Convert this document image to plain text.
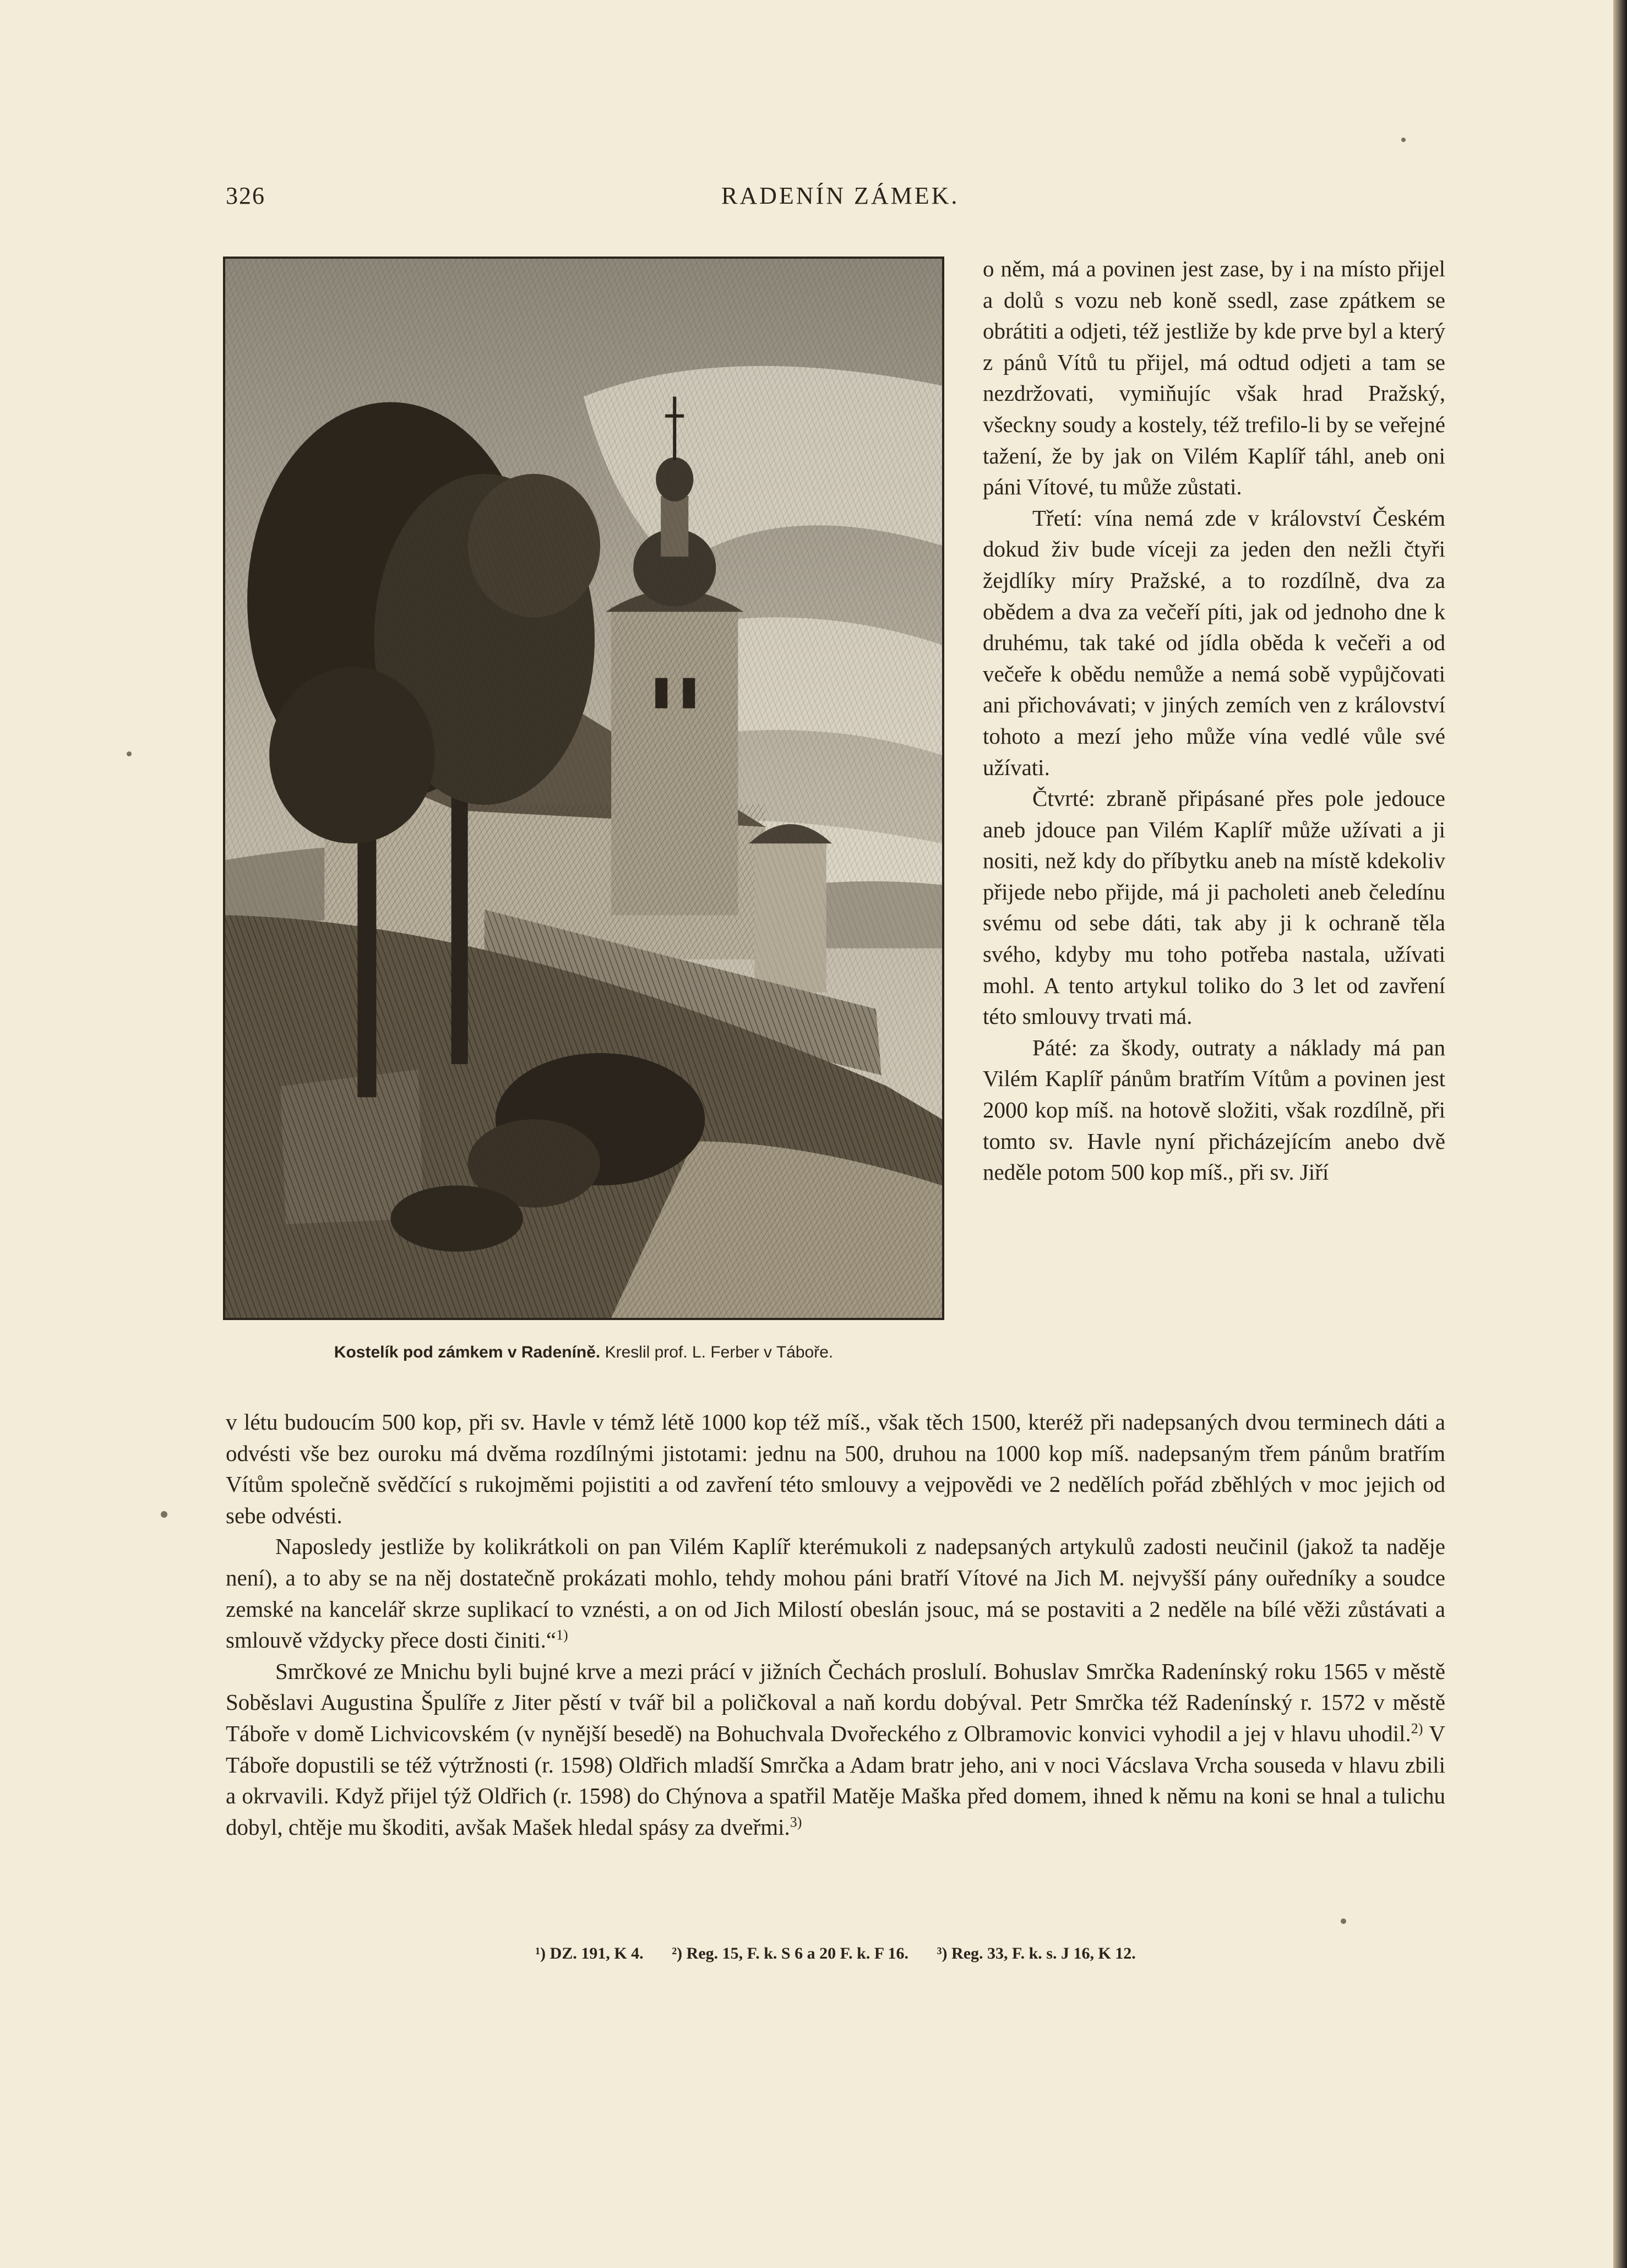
326	RADENÍN ZÁMEK.
Kostelík pod zámkem v Radeníně. Kreslil prof. L. Ferber v Táboře.

o něm, má a povinen jest zase, by i na místo přijel a dolů s vozu neb koně ssedl, zase zpátkem se obrátiti a odjeti, též jestliže by kde prve byl a který z pánů Vítů tu přijel, má odtud odjeti a tam se nezdržovati, vymiňujíc však hrad Pražský, všeckny soudy a kostely, též trefilo-li by se veřejné tažení, že by jak on Vilém Kaplíř táhl, aneb oni páni Vítové, tu může zůstati.

Třetí: vína nemá zde v království Českém dokud živ bude víceji za jeden den nežli čtyři žejdlíky míry Pražské, a to rozdílně, dva za obědem a dva za večeří píti, jak od jednoho dne k druhému, tak také od jídla oběda k večeři a od večeře k obědu nemůže a nemá sobě vypůjčovati ani přichovávati; v jiných zemích ven z království tohoto a mezí jeho může vína vedlé vůle své užívati.

Čtvrté: zbraně připásané přes pole jedouce aneb jdouce pan Vilém Kaplíř může užívati a ji nositi, než kdy do příbytku aneb na místě kdekoliv přijede nebo přijde, má ji pacholeti aneb čeledínu svému od sebe dáti, tak aby ji k ochraně těla svého, kdyby mu toho potřeba nastala, užívati mohl. A tento artykul toliko do 3 let od zavření této smlouvy trvati má.

Páté: za škody, outraty a náklady má pan Vilém Kaplíř pánům bratřím Vítům a povinen jest 2000 kop míš. na hotově složiti, však rozdílně, při tomto sv. Havle nyní přicházejícím anebo dvě neděle potom 500 kop míš., při sv. Jiří

v létu budoucím 500 kop, při sv. Havle v témž létě 1000 kop též míš., však těch 1500, kteréž při nadepsaných dvou terminech dáti a odvésti vše bez ouroku má dvěma rozdílnými jistotami: jednu na 500, druhou na 1000 kop míš. nadepsaným třem pánům bratřím Vítům společně svědčící s rukojměmi pojistiti a od zavření této smlouvy a vejpovědi ve 2 nedělích pořád zběhlých v moc jejich od sebe odvésti.

Naposledy jestliže by kolikrátkoli on pan Vilém Kaplíř kterémukoli z nadepsaných artykulů zadosti neučinil (jakož ta naděje není), a to aby se na něj dostatečně prokázati mohlo, tehdy mohou páni bratří Vítové na Jich M. nejvyšší pány ouředníky a soudce zemské na kancelář skrze suplikací to vznésti, a on od Jich Milostí obeslán jsouc, má se postaviti a 2 neděle na bílé věži zůstávati a smlouvě vždycky přece dosti činiti.“$^{1)}$

Smrčkové ze Mnichu byli bujné krve a mezi prácí v jižních Čechách proslulí. Bohuslav Smrčka Radenínský roku 1565 v městě Soběslavi Augustina Špulíře z Jiter pěstí v tvář bil a poličkoval a naň kordu dobýval. Petr Smrčka též Radenínský r. 1572 v městě Táboře v domě Lichvicovském (v nynější besedě) na Bohuchvala Dvořeckého z Olbramovic konvici vyhodil a jej v hlavu uhodil.$^{2)}$ V Táboře dopustili se též výtržnosti (r. 1598) Oldřich mladší Smrčka a Adam bratr jeho, ani v noci Vácslava Vrcha souseda v hlavu zbili a okrvavili. Když přijel týž Oldřich (r. 1598) do Chýnova a spatřil Matěje Maška před domem, ihned k němu na koni se hnal a tulichu dobyl, chtěje mu škoditi, avšak Mašek hledal spásy za dveřmi.$^{3)}$

¹) DZ. 191, K 4. ²) Reg. 15, F. k. S 6 a 20 F. k. F 16. ³) Reg. 33, F. k. s. J 16, K 12.
